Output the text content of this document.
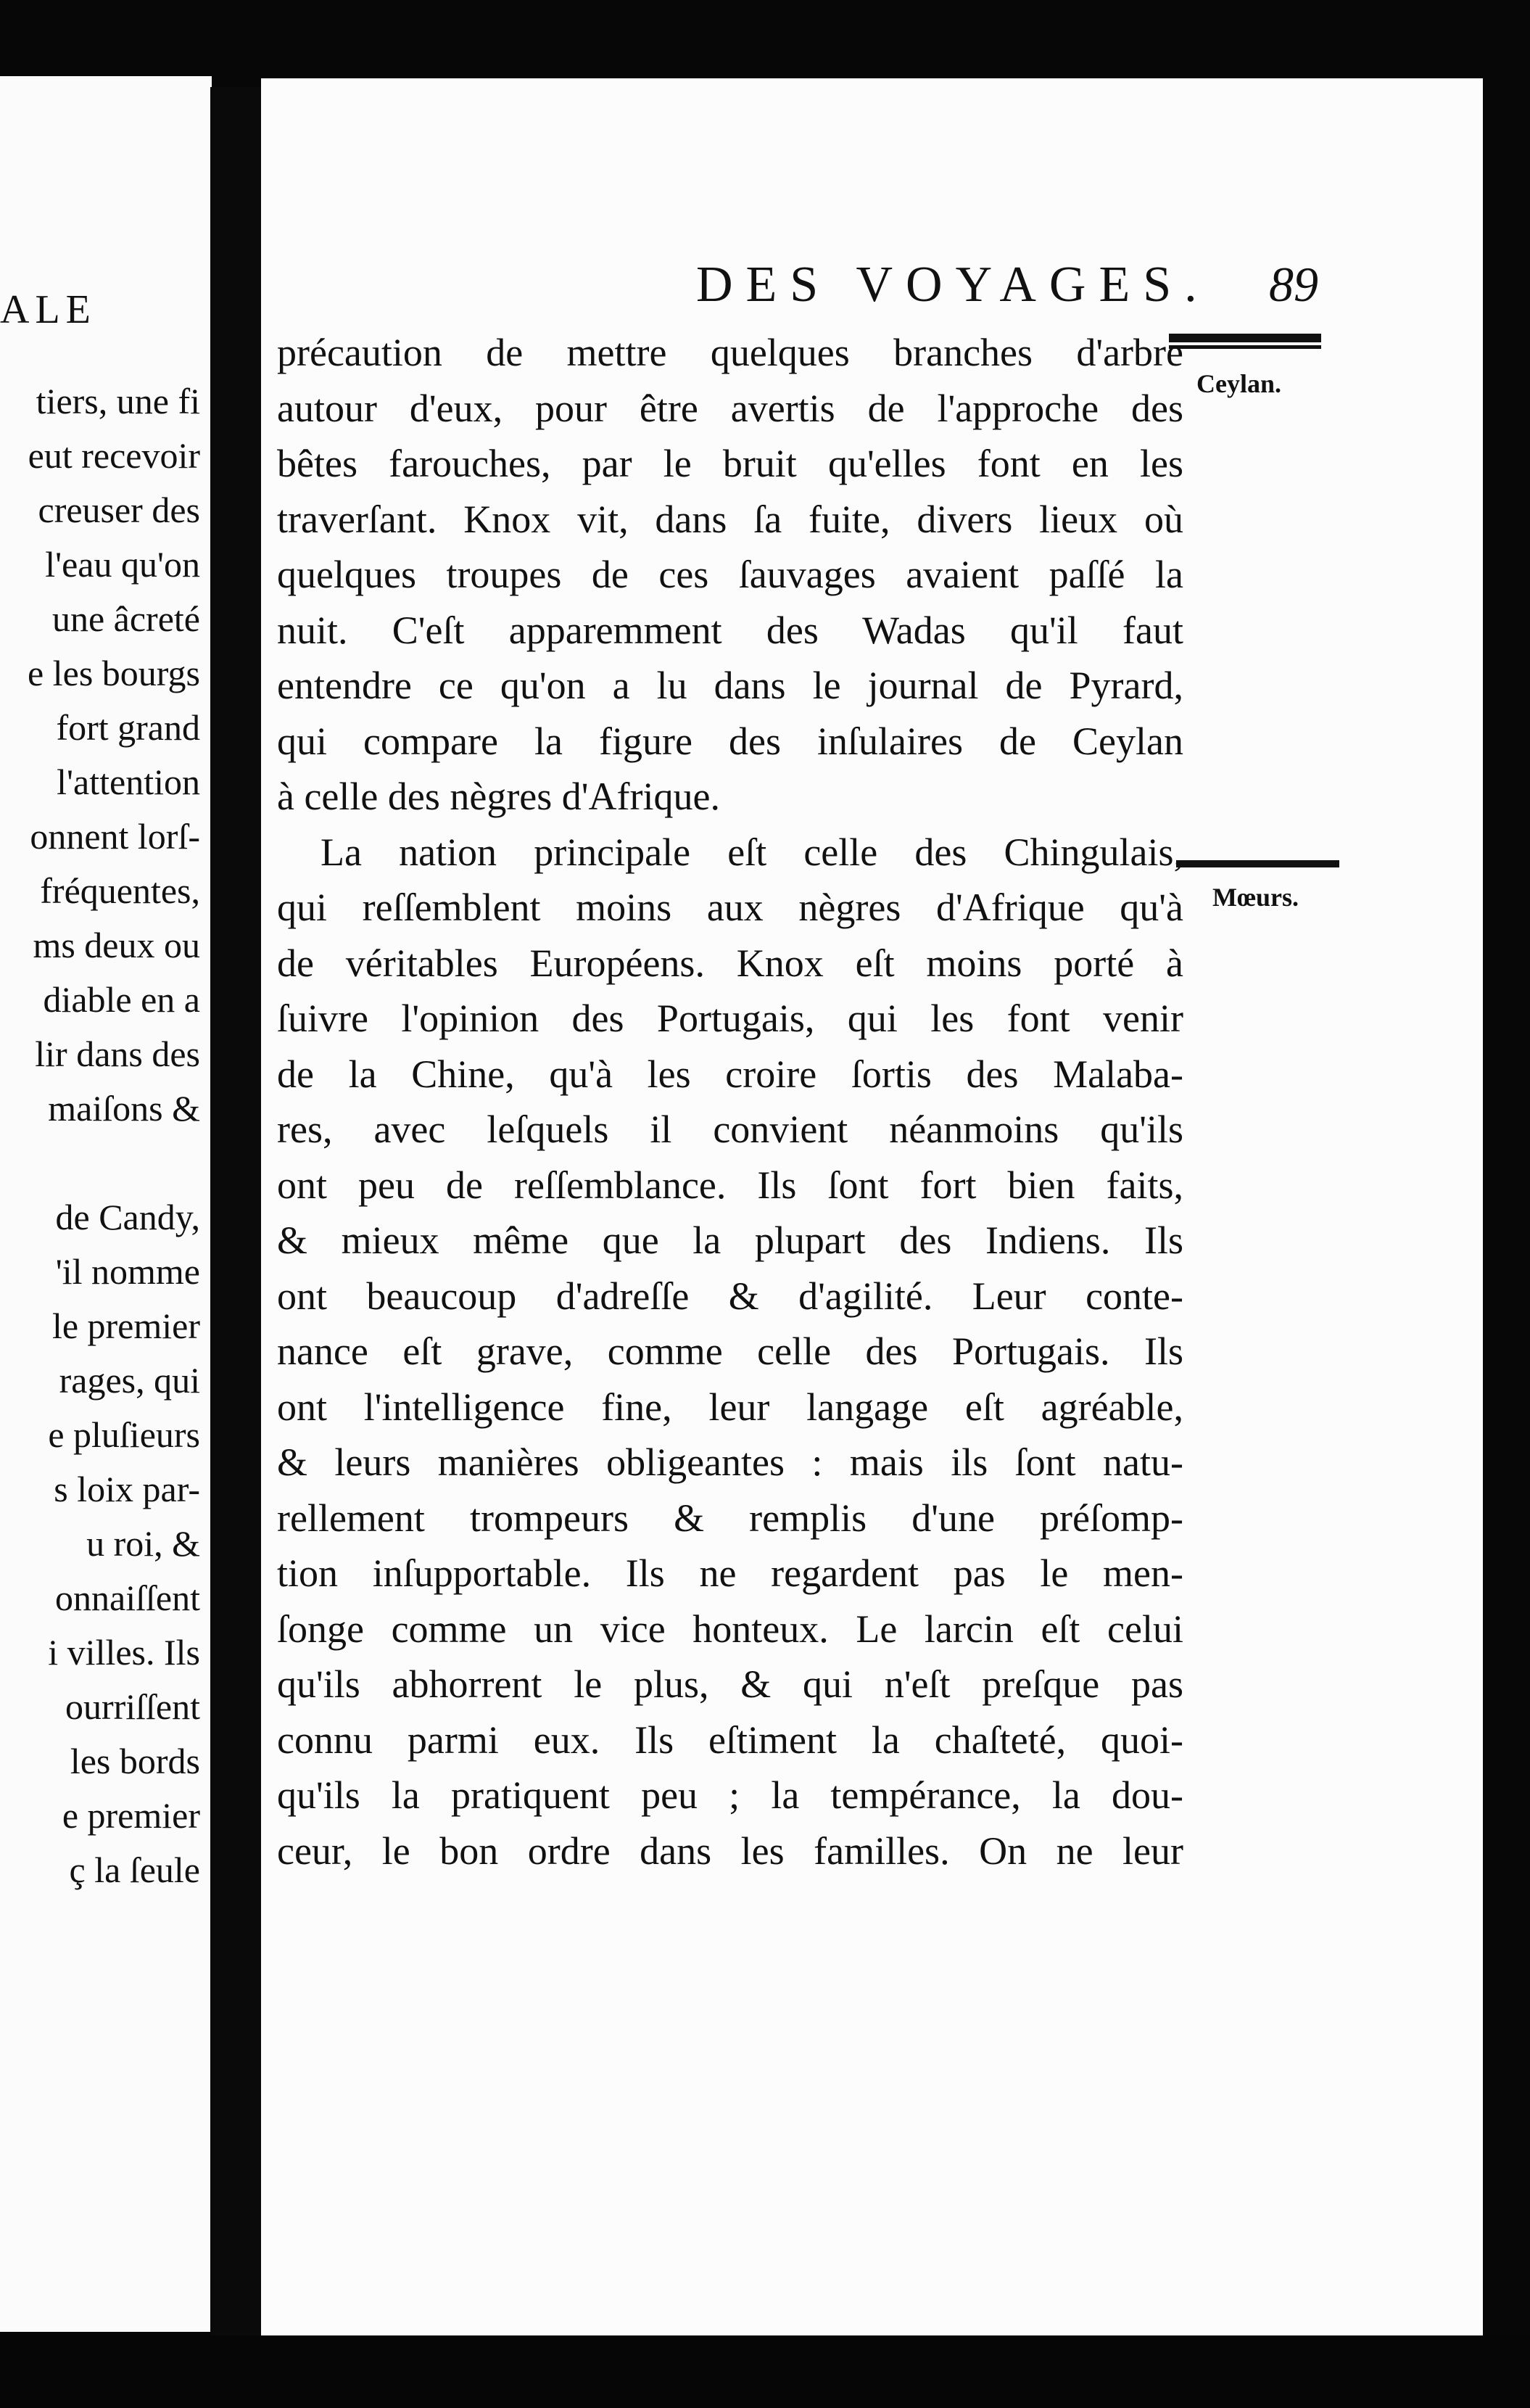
ALE
tiers, une fi
eut recevoir
creuser des
l'eau qu'on
une âcreté
e les bourgs
fort grand
l'attention
onnent lorſ-
fréquentes,
ms deux ou
diable en a
lir dans des
maiſons &
de Candy,
'il nomme
le premier
rages, qui
e pluſieurs
s loix par-
u roi, &
onnaiſſent
i villes. Ils
ourriſſent
les bords
e premier
ç la ſeule
DES VOYAGES. 89
Ceylan.
Mœurs.
précaution de mettre quelques branches d'arbre
autour d'eux, pour être avertis de l'approche des
bêtes farouches, par le bruit qu'elles font en les
traverſant. Knox vit, dans ſa fuite, divers lieux où
quelques troupes de ces ſauvages avaient paſſé la
nuit. C'eſt apparemment des Wadas qu'il faut
entendre ce qu'on a lu dans le journal de Pyrard,
qui compare la figure des inſulaires de Ceylan
à celle des nègres d'Afrique.
La nation principale eſt celle des Chingulais,
qui reſſemblent moins aux nègres d'Afrique qu'à
de véritables Européens. Knox eſt moins porté à
ſuivre l'opinion des Portugais, qui les font venir
de la Chine, qu'à les croire ſortis des Malaba-
res, avec leſquels il convient néanmoins qu'ils
ont peu de reſſemblance. Ils ſont fort bien faits,
& mieux même que la plupart des Indiens. Ils
ont beaucoup d'adreſſe & d'agilité. Leur conte-
nance eſt grave, comme celle des Portugais. Ils
ont l'intelligence fine, leur langage eſt agréable,
& leurs manières obligeantes : mais ils ſont natu-
rellement trompeurs & remplis d'une préſomp-
tion inſupportable. Ils ne regardent pas le men-
ſonge comme un vice honteux. Le larcin eſt celui
qu'ils abhorrent le plus, & qui n'eſt preſque pas
connu parmi eux. Ils eſtiment la chaſteté, quoi-
qu'ils la pratiquent peu ; la tempérance, la dou-
ceur, le bon ordre dans les familles. On ne leur
